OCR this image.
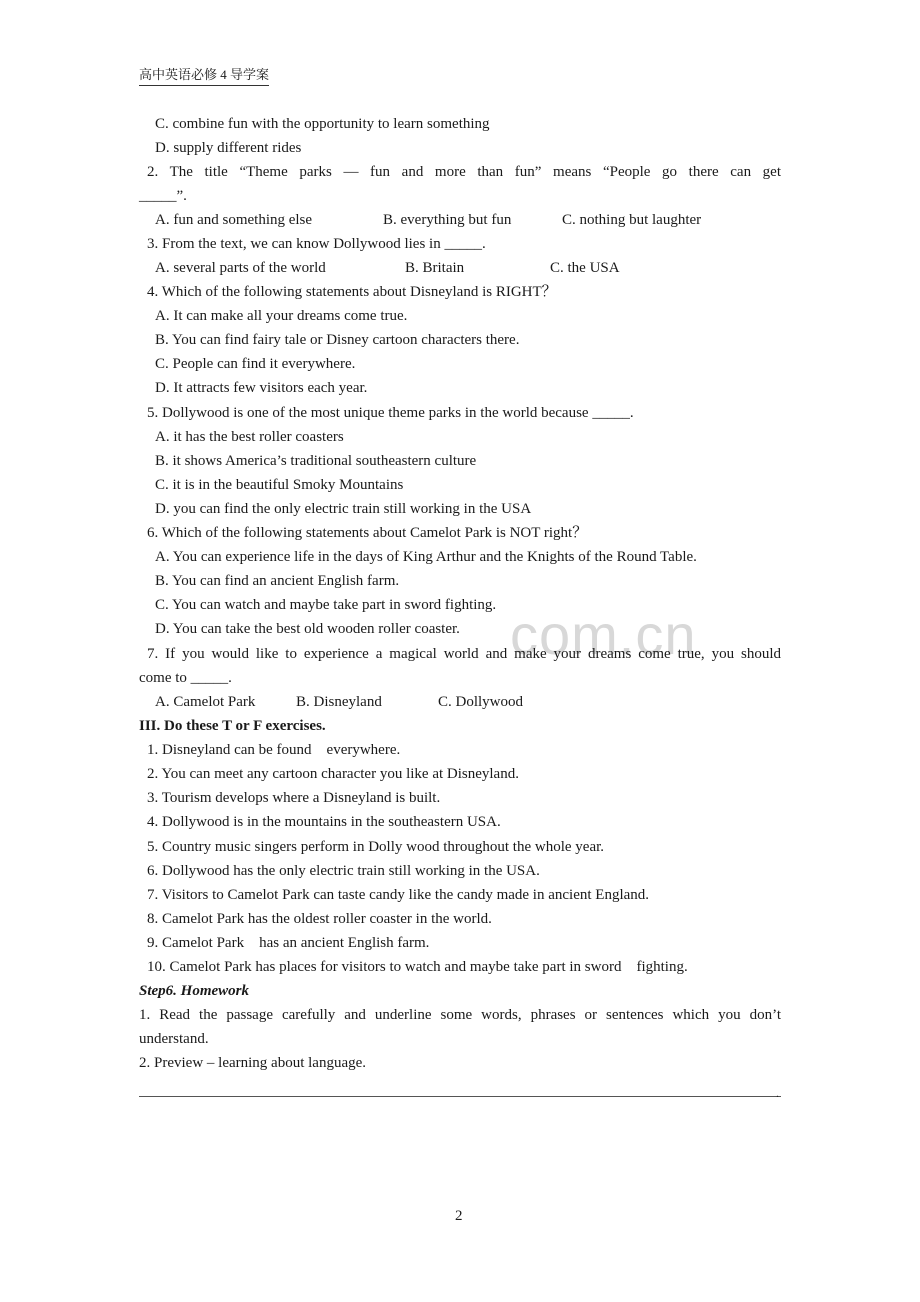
高中英语必修 4 导学案
com.cn
C. combine fun with the opportunity to learn something
D. supply different rides
2. The title “Theme parks — fun and more than fun” means “People go there can get
_____”.
A. fun and something else	B. everything but fun	C. nothing but laughter
3. From the text, we can know Dollywood lies in _____.
A. several parts of the world	B. Britain	C. the USA
4. Which of the following statements about Disneyland is RIGHT？
A. It can make all your dreams come true.
B. You can find fairy tale or Disney cartoon characters there.
C. People can find it everywhere.
D. It attracts few visitors each year.
5. Dollywood is one of the most unique theme parks in the world because _____.
A. it has the best roller coasters
B. it shows America’s traditional southeastern culture
C. it is in the beautiful Smoky Mountains
D. you can find the only electric train still working in the USA
6. Which of the following statements about Camelot Park is NOT right？
A. You can experience life in the days of King Arthur and the Knights of the Round Table.
B. You can find an ancient English farm.
C. You can watch and maybe take part in sword fighting.
D. You can take the best old wooden roller coaster.
7. If you would like to experience a magical world and make your dreams come true, you should
come to _____.
A. Camelot Park	B. Disneyland	C. Dollywood
III. Do these T or F exercises.
1. Disneyland can be found    everywhere.
2. You can meet any cartoon character you like at Disneyland.
3. Tourism develops where a Disneyland is built.
4. Dollywood is in the mountains in the southeastern USA.
5. Country music singers perform in Dolly wood throughout the whole year.
6. Dollywood has the only electric train still working in the USA.
7. Visitors to Camelot Park can taste candy like the candy made in ancient England.
8. Camelot Park has the oldest roller coaster in the world.
9. Camelot Park    has an ancient English farm.
10. Camelot Park has places for visitors to watch and maybe take part in sword    fighting.
Step6. Homework
1. Read the passage carefully and underline some words, phrases or sentences which you don’t
understand.
2. Preview – learning about language.
.
2
